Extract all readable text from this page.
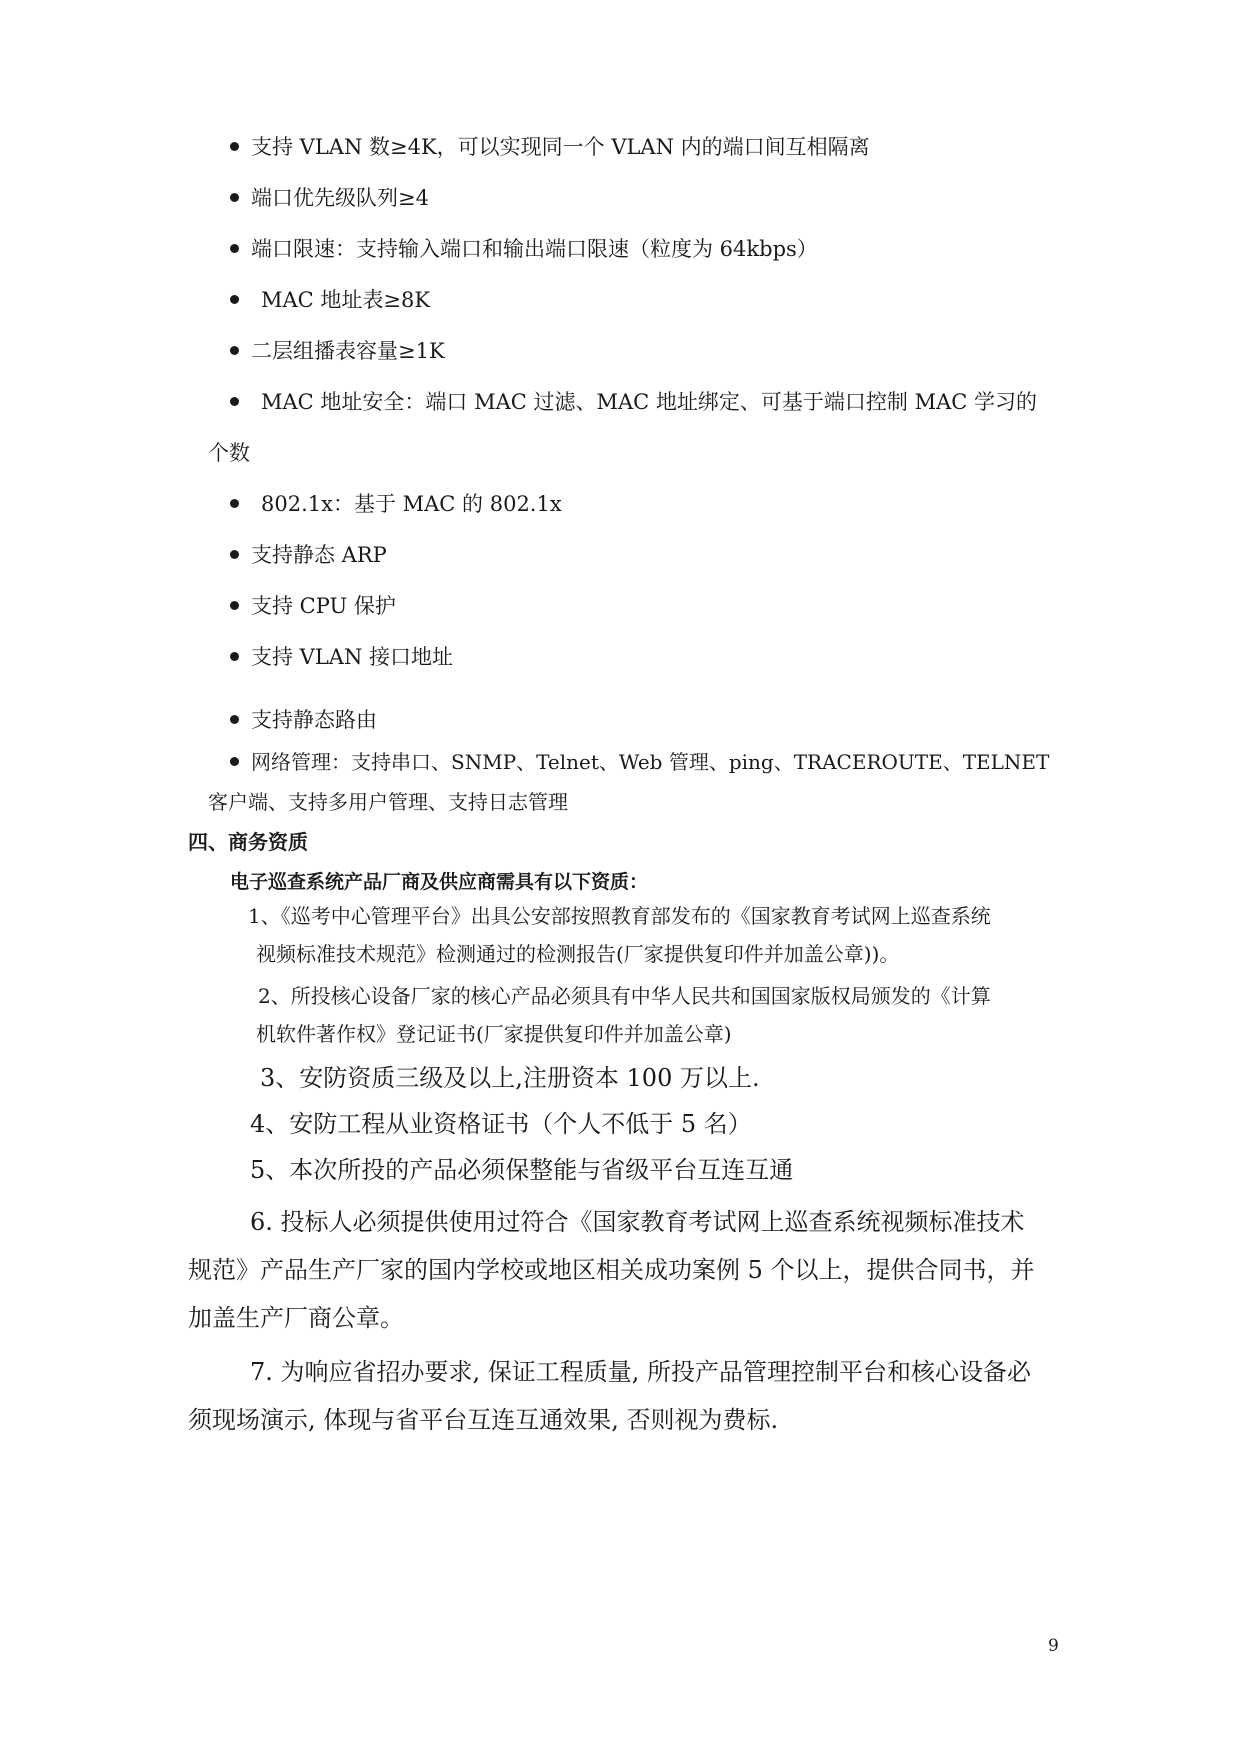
支持 VLAN 数≥4K，可以实现同一个 VLAN 内的端口间互相隔离
端口优先级队列≥4
端口限速：支持输入端口和输出端口限速（粒度为 64kbps）
MAC 地址表≥8K
二层组播表容量≥1K
MAC 地址安全：端口 MAC 过滤、MAC 地址绑定、可基于端口控制 MAC 学习的
个数
802.1x：基于 MAC 的 802.1x
支持静态 ARP
支持 CPU 保护
支持 VLAN 接口地址
支持静态路由
网络管理：支持串口、SNMP、Telnet、Web 管理、ping、TRACEROUTE、TELNET
客户端、支持多用户管理、支持日志管理
四、商务资质
电子巡查系统产品厂商及供应商需具有以下资质：
1、《巡考中心管理平台》出具公安部按照教育部发布的《国家教育考试网上巡查系统
视频标准技术规范》检测通过的检测报告(厂家提供复印件并加盖公章))。
2、所投核心设备厂家的核心产品必须具有中华人民共和国国家版权局颁发的《计算
机软件著作权》登记证书(厂家提供复印件并加盖公章)
3、安防资质三级及以上,注册资本 100 万以上.
4、安防工程从业资格证书（个人不低于 5 名）
5、本次所投的产品必须保整能与省级平台互连互通
6. 投标人必须提供使用过符合《国家教育考试网上巡查系统视频标准技术
规范》产品生产厂家的国内学校或地区相关成功案例 5 个以上，提供合同书，并
加盖生产厂商公章。
7. 为响应省招办要求, 保证工程质量, 所投产品管理控制平台和核心设备必
须现场演示, 体现与省平台互连互通效果, 否则视为费标.
9
